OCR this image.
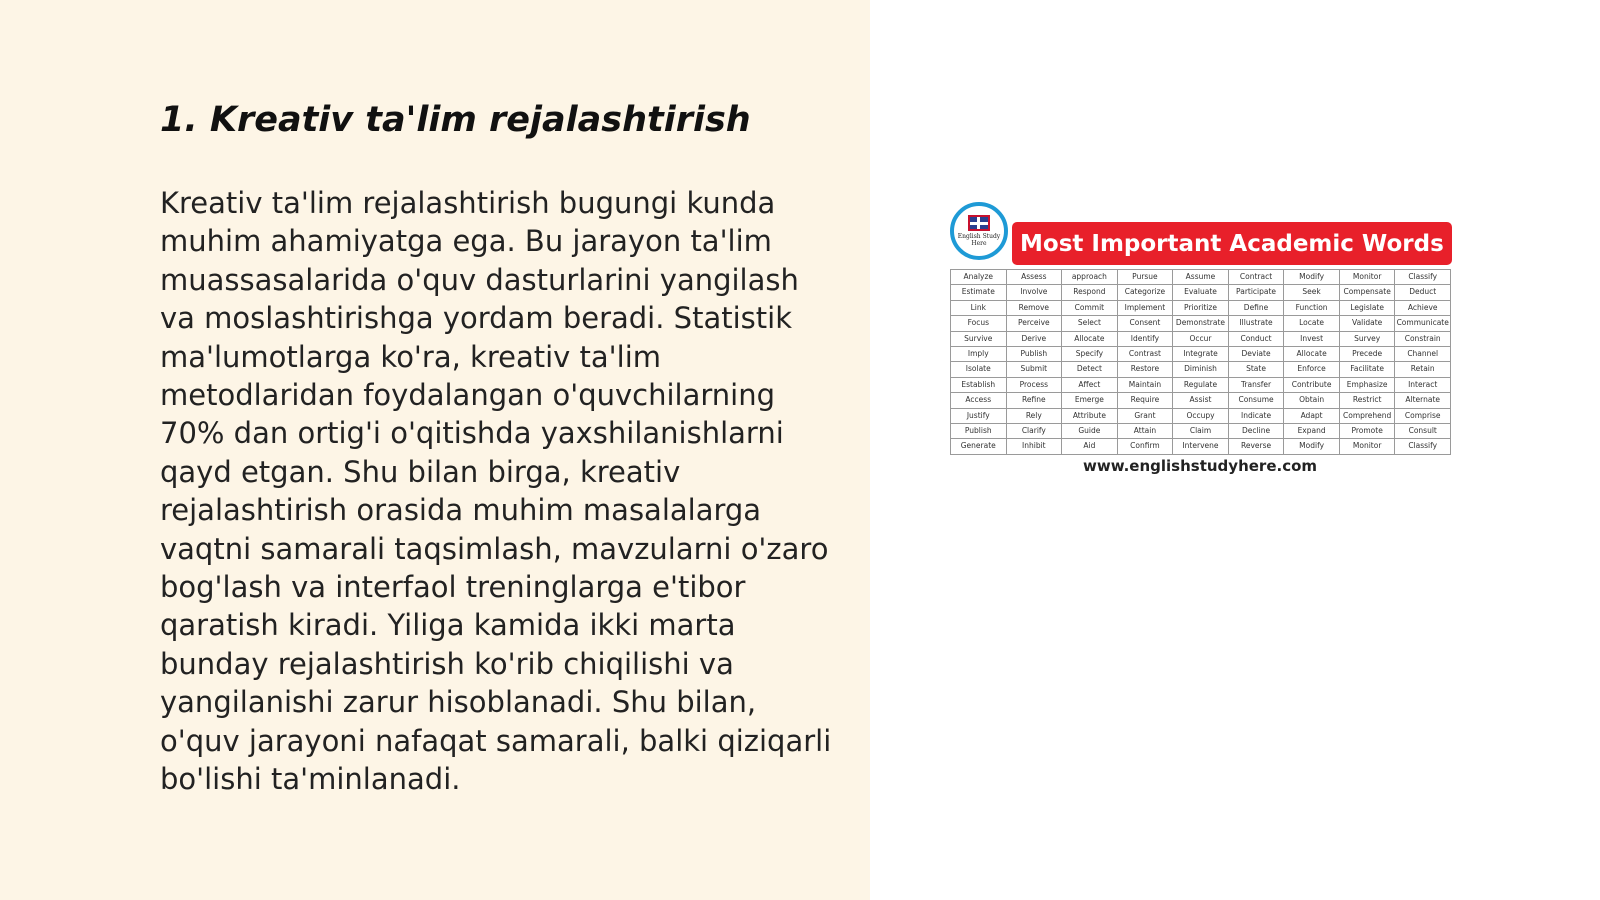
1. Kreativ ta'lim rejalashtirish

Kreativ ta'lim rejalashtirish bugungi kunda muhim ahamiyatga ega. Bu jarayon ta'lim muassasalarida o'quv dasturlarini yangilash va moslashtirishga yordam beradi. Statistik ma'lumotlarga ko'ra, kreativ ta'lim metodlaridan foydalangan o'quvchilarning 70% dan ortig'i o'qitishda yaxshilanishlarni qayd etgan. Shu bilan birga, kreativ rejalashtirish orasida muhim masalalarga vaqtni samarali taqsimlash, mavzularni o'zaro bog'lash va interfaol treninglarga e'tibor qaratish kiradi. Yiliga kamida ikki marta bunday rejalashtirish ko'rib chiqilishi va yangilanishi zarur hisoblanadi. Shu bilan, o'quv jarayoni nafaqat samarali, balki qiziqarli bo'lishi ta'minlanadi.

English Study Here	Most Important Academic Words
Analyze	Assess	approach	Pursue	Assume	Contract	Modify	Monitor	Classify
Estimate	Involve	Respond	Categorize	Evaluate	Participate	Seek	Compensate	Deduct
Link	Remove	Commit	Implement	Prioritize	Define	Function	Legislate	Achieve
Focus	Perceive	Select	Consent	Demonstrate	Illustrate	Locate	Validate	Communicate
Survive	Derive	Allocate	Identify	Occur	Conduct	Invest	Survey	Constrain
Imply	Publish	Specify	Contrast	Integrate	Deviate	Allocate	Precede	Channel
Isolate	Submit	Detect	Restore	Diminish	State	Enforce	Facilitate	Retain
Establish	Process	Affect	Maintain	Regulate	Transfer	Contribute	Emphasize	Interact
Access	Refine	Emerge	Require	Assist	Consume	Obtain	Restrict	Alternate
Justify	Rely	Attribute	Grant	Occupy	Indicate	Adapt	Comprehend	Comprise
Publish	Clarify	Guide	Attain	Claim	Decline	Expand	Promote	Consult
Generate	Inhibit	Aid	Confirm	Intervene	Reverse	Modify	Monitor	Classify
www.englishstudyhere.com
